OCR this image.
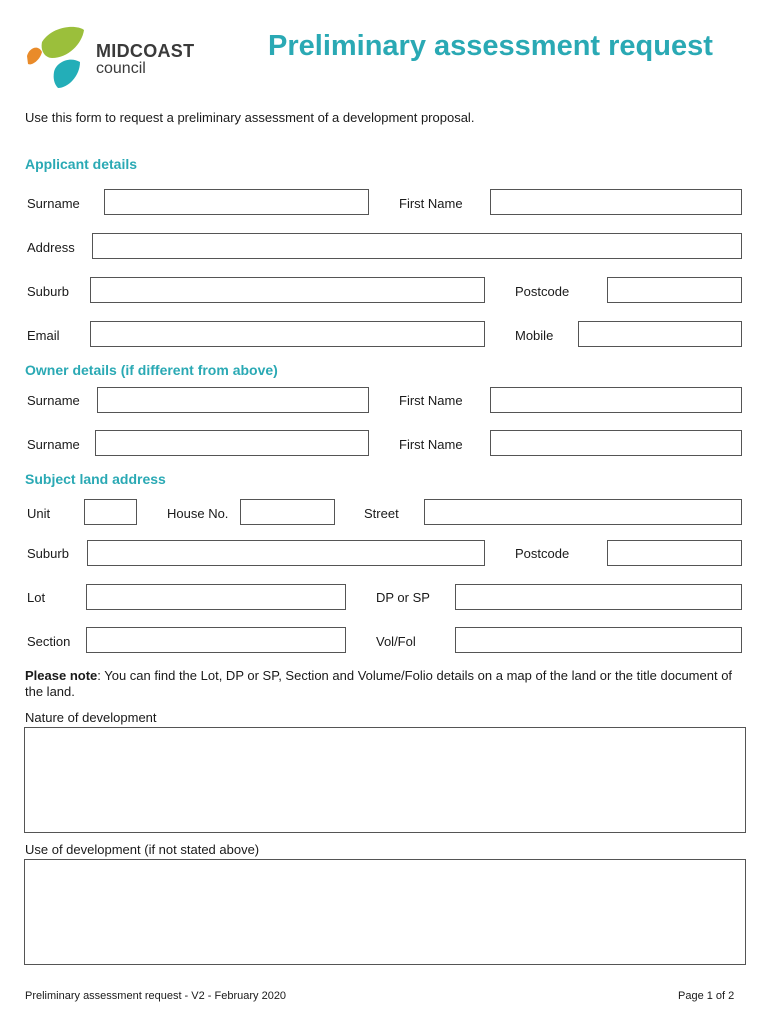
MIDCOAST
council
Preliminary assessment request
Use this form to request a preliminary assessment of a development proposal.
Applicant details
Surname	First Name
Address
Suburb	Postcode
Email	Mobile
Owner details (if different from above)
Surname	First Name
Surname	First Name
Subject land address
Unit	House No.	Street
Suburb	Postcode
Lot	DP or SP
Section	Vol/Fol
Please note: You can find the Lot, DP or SP, Section and Volume/Folio details on a map of the land or the title document of the land.
Nature of development
Use of development (if not stated above)
Preliminary assessment request - V2 - February 2020	Page 1 of 2
